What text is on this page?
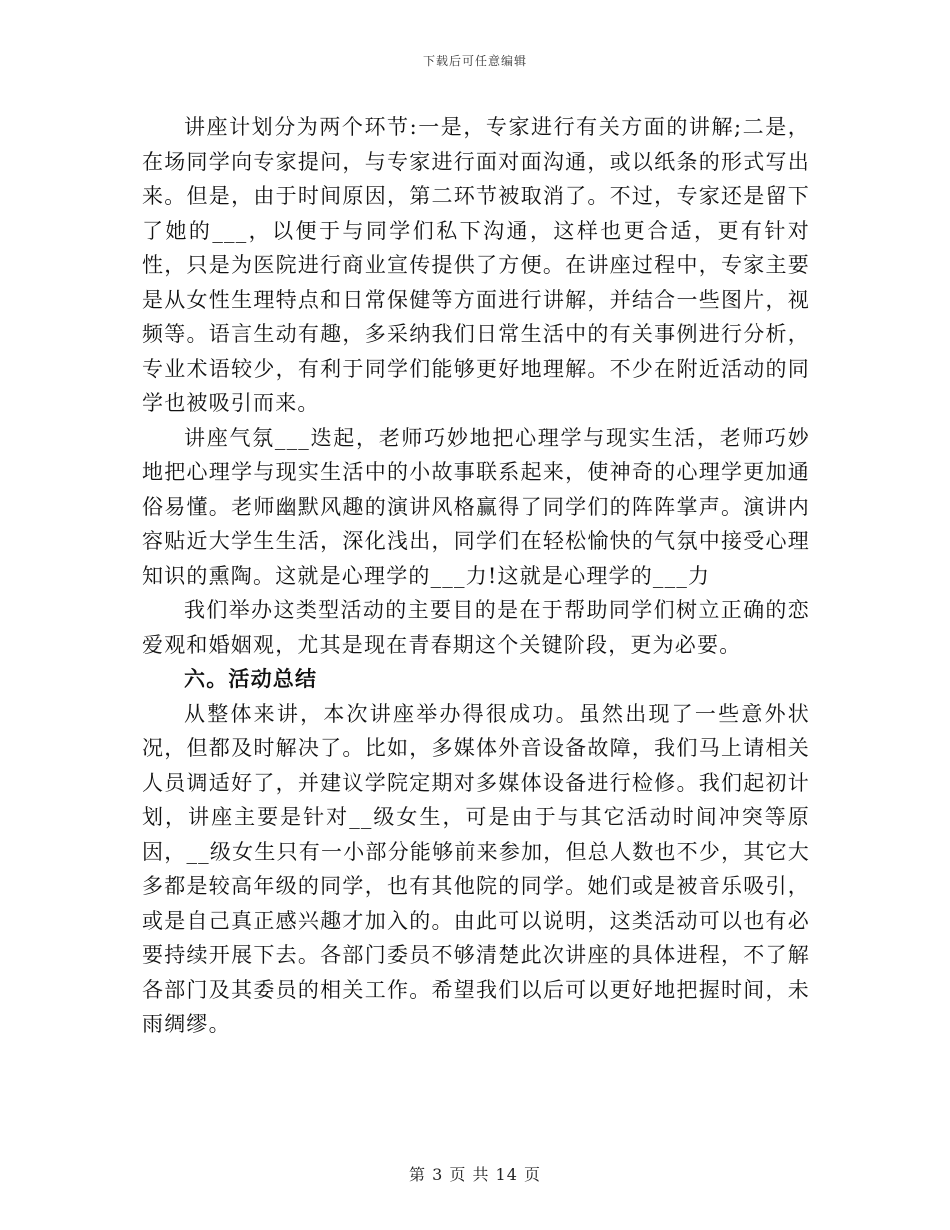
下载后可任意编辑

讲座计划分为两个环节:一是，专家进行有关方面的讲解;二是，在场同学向专家提问，与专家进行面对面沟通，或以纸条的形式写出来。但是，由于时间原因，第二环节被取消了。不过，专家还是留下了她的___，以便于与同学们私下沟通，这样也更合适，更有针对性，只是为医院进行商业宣传提供了方便。在讲座过程中，专家主要是从女性生理特点和日常保健等方面进行讲解，并结合一些图片，视频等。语言生动有趣，多采纳我们日常生活中的有关事例进行分析，专业术语较少，有利于同学们能够更好地理解。不少在附近活动的同学也被吸引而来。

讲座气氛___迭起，老师巧妙地把心理学与现实生活，老师巧妙地把心理学与现实生活中的小故事联系起来，使神奇的心理学更加通俗易懂。老师幽默风趣的演讲风格赢得了同学们的阵阵掌声。演讲内容贴近大学生生活，深化浅出，同学们在轻松愉快的气氛中接受心理知识的熏陶。这就是心理学的___力!这就是心理学的___力

我们举办这类型活动的主要目的是在于帮助同学们树立正确的恋爱观和婚姻观，尤其是现在青春期这个关键阶段，更为必要。

六。活动总结

从整体来讲，本次讲座举办得很成功。虽然出现了一些意外状况，但都及时解决了。比如，多媒体外音设备故障，我们马上请相关人员调适好了，并建议学院定期对多媒体设备进行检修。我们起初计划，讲座主要是针对__级女生，可是由于与其它活动时间冲突等原因，__级女生只有一小部分能够前来参加，但总人数也不少，其它大多都是较高年级的同学，也有其他院的同学。她们或是被音乐吸引，或是自己真正感兴趣才加入的。由此可以说明，这类活动可以也有必要持续开展下去。各部门委员不够清楚此次讲座的具体进程，不了解各部门及其委员的相关工作。希望我们以后可以更好地把握时间，未雨绸缪。

第 3 页 共 14 页
